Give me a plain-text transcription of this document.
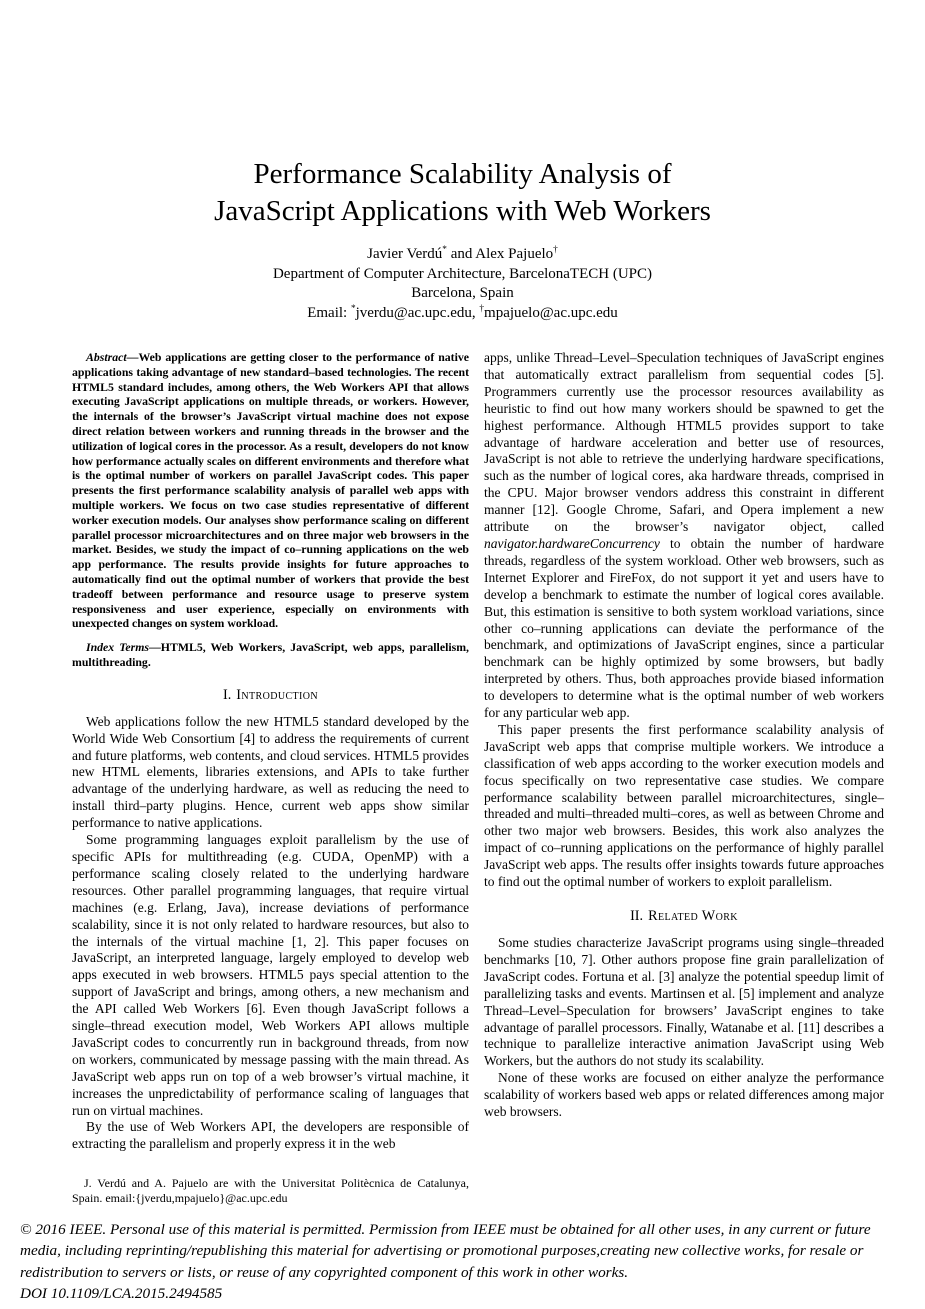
Performance Scalability Analysis of
JavaScript Applications with Web Workers
Javier Verdú* and Alex Pajuelo†
Department of Computer Architecture, BarcelonaTECH (UPC)
Barcelona, Spain
Email: *jverdu@ac.upc.edu, †mpajuelo@ac.upc.edu

Abstract—Web applications are getting closer to the performance of native applications taking advantage of new standard–based technologies. The recent HTML5 standard includes, among others, the Web Workers API that allows executing JavaScript applications on multiple threads, or workers. However, the internals of the browser’s JavaScript virtual machine does not expose direct relation between workers and running threads in the browser and the utilization of logical cores in the processor. As a result, developers do not know how performance actually scales on different environments and therefore what is the optimal number of workers on parallel JavaScript codes. This paper presents the first performance scalability analysis of parallel web apps with multiple workers. We focus on two case studies representative of different worker execution models. Our analyses show performance scaling on different parallel processor microarchitectures and on three major web browsers in the market. Besides, we study the impact of co–running applications on the web app performance. The results provide insights for future approaches to automatically find out the optimal number of workers that provide the best tradeoff between performance and resource usage to preserve system responsiveness and user experience, especially on environments with unexpected changes on system workload.

Index Terms—HTML5, Web Workers, JavaScript, web apps, parallelism, multithreading.

I. Introduction

Web applications follow the new HTML5 standard developed by the World Wide Web Consortium [4] to address the requirements of current and future platforms, web contents, and cloud services. HTML5 provides new HTML elements, libraries extensions, and APIs to take further advantage of the underlying hardware, as well as reducing the need to install third–party plugins. Hence, current web apps show similar performance to native applications.

Some programming languages exploit parallelism by the use of specific APIs for multithreading (e.g. CUDA, OpenMP) with a performance scaling closely related to the underlying hardware resources. Other parallel programming languages, that require virtual machines (e.g. Erlang, Java), increase deviations of performance scalability, since it is not only related to hardware resources, but also to the internals of the virtual machine [1, 2]. This paper focuses on JavaScript, an interpreted language, largely employed to develop web apps executed in web browsers. HTML5 pays special attention to the support of JavaScript and brings, among others, a new mechanism and the API called Web Workers [6]. Even though JavaScript follows a single–thread execution model, Web Workers API allows multiple JavaScript codes to concurrently run in background threads, from now on workers, communicated by message passing with the main thread. As JavaScript web apps run on top of a web browser’s virtual machine, it increases the unpredictability of performance scaling of languages that run on virtual machines.

By the use of Web Workers API, the developers are responsible of extracting the parallelism and properly express it in the web

J. Verdú and A. Pajuelo are with the Universitat Politècnica de Catalunya, Spain. email:{jverdu,mpajuelo}@ac.upc.edu

apps, unlike Thread–Level–Speculation techniques of JavaScript engines that automatically extract parallelism from sequential codes [5]. Programmers currently use the processor resources availability as heuristic to find out how many workers should be spawned to get the highest performance. Although HTML5 provides support to take advantage of hardware acceleration and better use of resources, JavaScript is not able to retrieve the underlying hardware specifications, such as the number of logical cores, aka hardware threads, comprised in the CPU. Major browser vendors address this constraint in different manner [12]. Google Chrome, Safari, and Opera implement a new attribute on the browser’s navigator object, called navigator.hardwareConcurrency to obtain the number of hardware threads, regardless of the system workload. Other web browsers, such as Internet Explorer and FireFox, do not support it yet and users have to develop a benchmark to estimate the number of logical cores available. But, this estimation is sensitive to both system workload variations, since other co–running applications can deviate the performance of the benchmark, and optimizations of JavaScript engines, since a particular benchmark can be highly optimized by some browsers, but badly interpreted by others. Thus, both approaches provide biased information to developers to determine what is the optimal number of web workers for any particular web app.

This paper presents the first performance scalability analysis of JavaScript web apps that comprise multiple workers. We introduce a classification of web apps according to the worker execution models and focus specifically on two representative case studies. We compare performance scalability between parallel microarchitectures, single–threaded and multi–threaded multi–cores, as well as between Chrome and other two major web browsers. Besides, this work also analyzes the impact of co–running applications on the performance of highly parallel JavaScript web apps. The results offer insights towards future approaches to find out the optimal number of workers to exploit parallelism.

II. Related Work

Some studies characterize JavaScript programs using single–threaded benchmarks [10, 7]. Other authors propose fine grain parallelization of JavaScript codes. Fortuna et al. [3] analyze the potential speedup limit of parallelizing tasks and events. Martinsen et al. [5] implement and analyze Thread–Level–Speculation for browsers’ JavaScript engines to take advantage of parallel processors. Finally, Watanabe et al. [11] describes a technique to parallelize interactive animation JavaScript using Web Workers, but the authors do not study its scalability.

None of these works are focused on either analyze the performance scalability of workers based web apps or related differences among major web browsers.

© 2016 IEEE. Personal use of this material is permitted. Permission from IEEE must be obtained for all other uses, in any current or future media, including reprinting/republishing this material for advertising or promotional purposes,creating new collective works, for resale or redistribution to servers or lists, or reuse of any copyrighted component of this work in other works.

DOI 10.1109/LCA.2015.2494585
